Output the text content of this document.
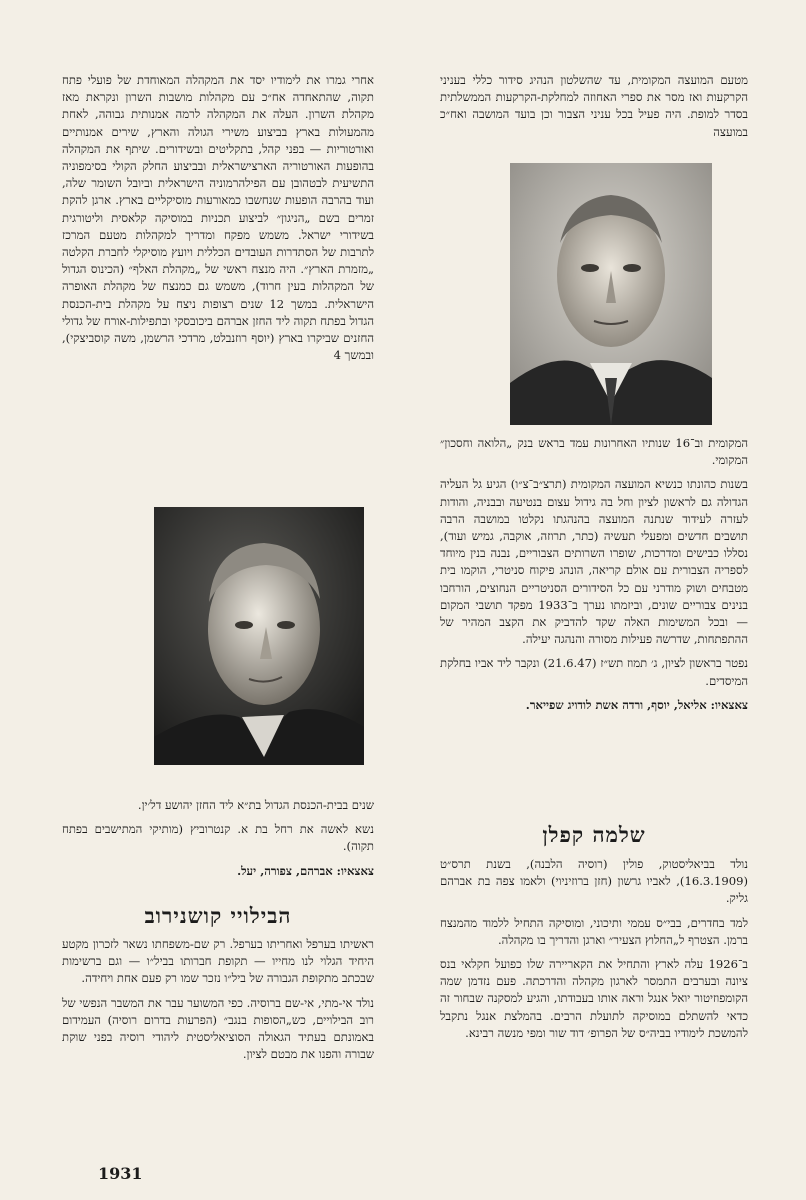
מטעם המועצה המקומית, עד שהשלטון הנהיג סידור כללי בעניני הקרקעות ואז מסר את ספרי האחוזה למחלקת-הקרקעות הממשלתית בסדר למופת. היה פעיל בכל עניני הצבור וכן בועד המושבה ואח״כ במועצה

המקומית וב־16 שנותיו האחרונות עמד בראש בנק „הלואה וחסכון״ המקומי.

בשנות כהונתו כנשיא המועצה המקומית (תרצ״ב־צ״ו) הגיע גל העליה הגדולה גם לראשון לציון וחל בה גידול עצום בנטיעה ובבניה, והודות לעזרה לעידוד שנתנה המועצה בהנהגתו נקלטו במושבה הרבה תושבים חדשים ומפעלי תעשיה (כתר, תרוזה, אוקבה, גמיש ועוד), נסללו כבישים ומדרכות, שופרו השרותים הצבוריים, נבנה בנין מיוחד לספריה הצבורית עם אולם קריאה, הונהג פיקוח סניטרי, הוקמו בית מטבחים ושוק מודרני עם כל הסידורים הסניטריים הנחוצים, הורחבו בנינים צבוריים שונים, וביזמתו נערך ב־1933 מפקד תושבי המקום — ובכל המשימות האלה שקד להדביק את הקצב המהיר של ההתפתחות, שדרשה פעילות מסורה והנהגה יעילה.

נפטר בראשון לציון, ג׳ תמוז תש״ז (21.6.47) ונקבר ליד אביו בחלקת המיסדים.

צאצאיו: אליאל, יוסף, ורדה אשת לודויג שפייאר.

שלמה קפלן

נולד בביאליסטוק, פולין (רוסיה הלבנה), בשנת תרס״ט (16.3.1909), לאביו גרשון (חזן ברוזיניוי) ולאמו צפה בת אברהם גליק.

למד בחדרים, בבי״ס עממי ותיכוני, ומוסיקה התחיל ללמוד מהמנצח ברמן. הצטרף ל„החלוץ הצעיר״ וארגן והדריך בו מקהלה.

ב־1926 עלה לארץ והתחיל את הקאריירה שלו כפועל חקלאי בנס ציונה ובערבים התמסר לארגון מקהלה והדרכתה. פעם נזדמן שמה הקומפוזיטור יואל אנגל וראה אותו בעבודתו, והגיע למסקנה שבחור זה כדאי להשתלם במוסיקה לתועלת הרבים. בהמלצת אנגל נתקבל להמשכת לימודיו בביה״ס של הפרופ׳ דוד שור ומפי מנשה רבינא.

אחרי גמרו את לימודיו יסד את המקהלה המאוחדת של פועלי פתח תקוה, שהתאחדה אח״כ עם מקהלות מושבות השרון ונקראת מאז מקהלת השרון. העלה את המקהלה לרמה אמנותית גבוהה, לאחת מהמעולות בארץ בביצוע משירי הגולה והארץ, שירים אמנותיים ואורטוריות — בפני קהל, בתקליטים ובשידורים. שיתף את המקהלה בהופעות האורטוריה הארצישראלית ובביצוע החלק הקולי בסימפוניה התשיעית לבטהובן עם הפילהרמוניה הישראלית וביובל השומר שלה, ועוד בהרבה הופעות שנחשבו כמאורעות מוסיקליים בארץ. ארגן להקת זמרים בשם „הניגון״ לביצוע תכניות במוסיקה קלאסית וליטורגית בשידורי ישראל. משמש מפקח ומדריך למקהלות מטעם המרכז לתרבות של הסתדרות העובדים הכללית ויועץ מוסיקלי לחברת הקלטה „מזמרת הארץ״. היה מנצח ראשי של „מקהלת האלף״ (הכינוס הגדול של המקהלות בעין חרוד), משמש גם כמנצח של מקהלת האופרה הישראלית. במשך 12 שנים רצופות ניצח על מקהלת בית-הכנסת הגדול בפתח תקוה ליד החזן אברהם ביכובסקי ובתפילות-אורח של גדולי החזנים שביקרו בארץ (יוסף רוזנבלט, מרדכי הרשמן, משה קוסביצקי), ובמשך 4

שנים בבית-הכנסת הגדול בת״א ליד החזן יהושע דל׳ין.

נשא לאשה את רחל בת א. קנטרוביץ (מותיקי המתישבים בפתח תקוה).

צאצאיו: אברהם, צפורה, יעל.

הבילויי קושנירוב

ראשיתו בערפל ואחריתו בערפל. רק שם-משפחתו נשאר לזכרון מקטע היחיד הגלוי לנו מחייו — תקופת חברותו בביל״ו — וגם ברשימות שבכתב מתקופת הגבורה של ביל״ו נזכר שמו רק פעם אחת ויחידה.

נולד אי-מתי, אי-שם ברוסיה. כפי המשוער עבר את המשבר הנפשי של רוב הבילויים, כש„הסופות בנגב״ (הפרעות בדרום רוסיה) העמידום באמונתם בעתיד הגאולה הסוציאליסטית ליהודי רוסיה בפני שוקת שבורה והפנו את מבטם לציון.

1931
